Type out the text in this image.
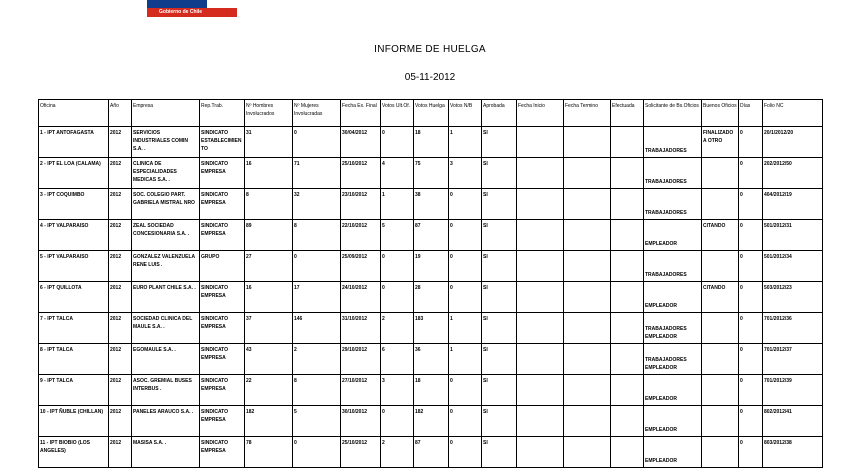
Gobierno de Chile
INFORME DE HUELGA
05-11-2012
Oficina	Año	Empresa	Rep.Trab.	Nº Hombres Involucrados	Nº Mujeres Involucradas	Fecha Ex. Final	Votos Ult.Of.	Votos Huelga	Votos N/B	Aprobada	Fecha Inicio	Fecha Termino	Efectuada	Solicitante de Bs.Oficios	Buenos Oficios	Días	Folio NC
1 - IPT ANTOFAGASTA	2012	SERVICIOS INDUSTRIALES COMIN S.A. .	SINDICATO ESTABLECIMIENTO	31	0	30/04/2012	0	18	1	SI				TRABAJADORES	FINALIZADO A OTRO	0	20/1/2012/20
2 - IPT EL LOA (CALAMA)	2012	CLINICA DE ESPECIALIDADES MEDICAS S.A. .	SINDICATO EMPRESA	16	71	25/10/2012	4	75	3	SI				TRABAJADORES		0	202/2012/50
3 - IPT COQUIMBO	2012	SOC. COLEGIO PART. GABRIELA MISTRAL NRO	SINDICATO EMPRESA	8	32	23/10/2012	1	38	0	SI				TRABAJADORES		0	404/2012/19
4 - IPT VALPARAISO	2012	ZEAL SOCIEDAD CONCESIONARIA S.A. .	SINDICATO EMPRESA	89	8	22/10/2012	5	87	0	SI				EMPLEADOR	CITANDO	0	501/2012/31
5 - IPT VALPARAISO	2012	GONZALEZ VALENZUELA RENE LUIS .	GRUPO	27	0	25/09/2012	0	19	0	SI				TRABAJADORES		0	501/2012/34
6 - IPT QUILLOTA	2012	EURO PLANT CHILE S.A. .	SINDICATO EMPRESA	16	17	24/10/2012	0	28	0	SI				EMPLEADOR	CITANDO	0	503/2012/23
7 - IPT TALCA	2012	SOCIEDAD CLINICA DEL MAULE S.A. .	SINDICATO EMPRESA	37	146	31/10/2012	2	183	1	SI				TRABAJADORES EMPLEADOR		0	701/2012/36
8 - IPT TALCA	2012	EGOMAULE S.A. .	SINDICATO EMPRESA	43	2	29/10/2012	6	36	1	SI				TRABAJADORES EMPLEADOR		0	701/2012/37
9 - IPT TALCA	2012	ASOC. GREMIAL BUSES INTERBUS .	SINDICATO EMPRESA	22	8	27/10/2012	3	18	0	SI				EMPLEADOR		0	701/2012/39
10 - IPT ÑUBLE (CHILLAN)	2012	PANELES ARAUCO S.A. .	SINDICATO EMPRESA	182	5	30/10/2012	0	182	0	SI				EMPLEADOR		0	802/2012/41
11 - IPT BIOBIO (LOS ANGELES)	2012	MASISA S.A. .	SINDICATO EMPRESA	78	0	25/10/2012	2	87	0	SI				EMPLEADOR		0	803/2012/38
